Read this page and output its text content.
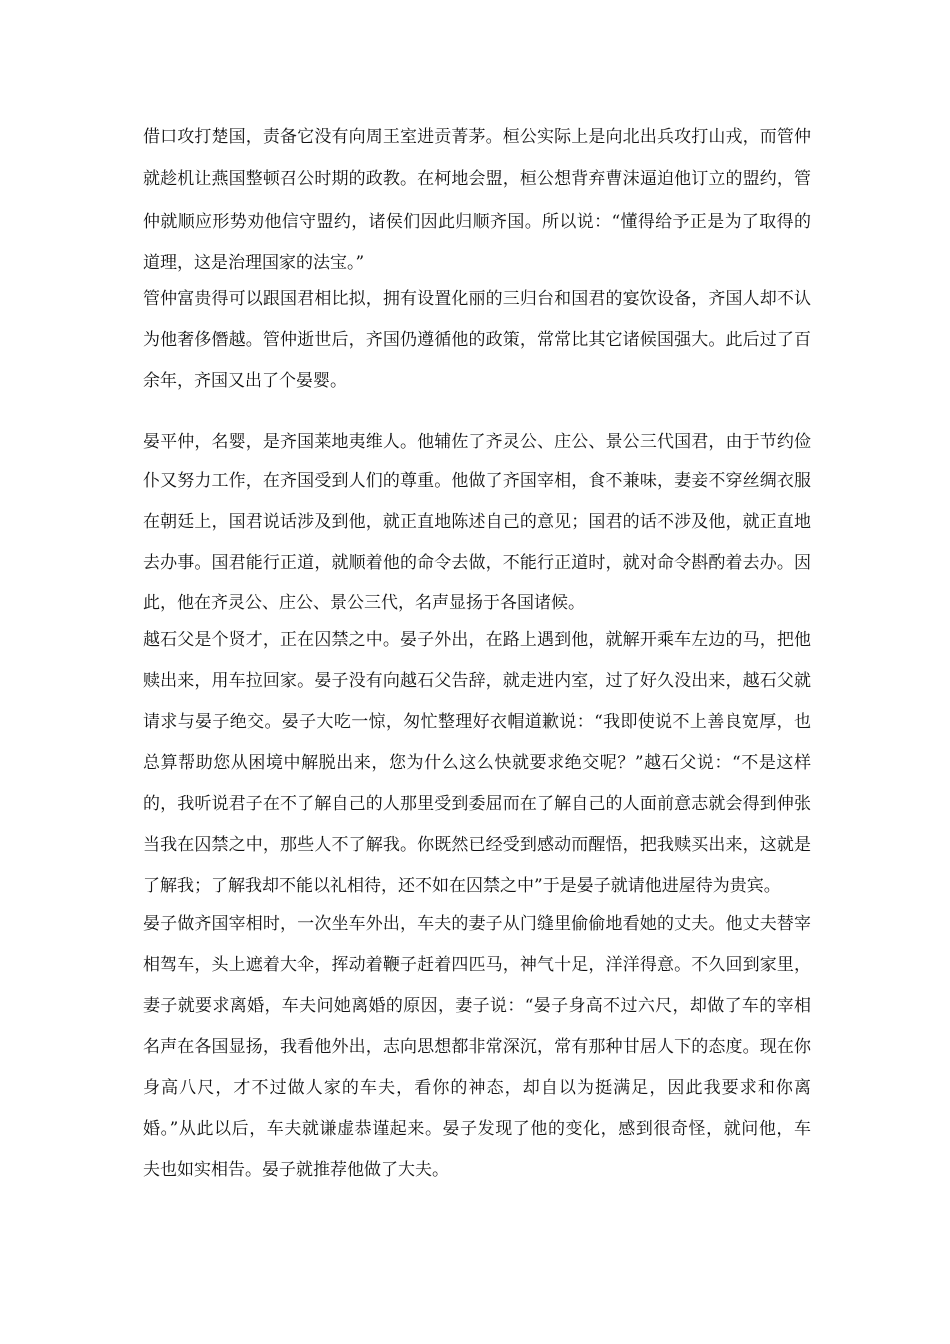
借口攻打楚国，责备它没有向周王室进贡菁茅。桓公实际上是向北出兵攻打山戎，而管仲
就趁机让燕国整顿召公时期的政教。在柯地会盟，桓公想背弃曹沫逼迫他订立的盟约，管
仲就顺应形势劝他信守盟约，诸侯们因此归顺齐国。所以说：“懂得给予正是为了取得的
道理，这是治理国家的法宝。”
管仲富贵得可以跟国君相比拟，拥有设置化丽的三归台和国君的宴饮设备，齐国人却不认
为他奢侈僭越。管仲逝世后，齐国仍遵循他的政策，常常比其它诸候国强大。此后过了百
余年，齐国又出了个晏婴。
晏平仲，名婴，是齐国莱地夷维人。他辅佐了齐灵公、庄公、景公三代国君，由于节约俭
仆又努力工作，在齐国受到人们的尊重。他做了齐国宰相，食不兼味，妻妾不穿丝绸衣服
在朝廷上，国君说话涉及到他，就正直地陈述自己的意见；国君的话不涉及他，就正直地
去办事。国君能行正道，就顺着他的命令去做，不能行正道时，就对命令斟酌着去办。因
此，他在齐灵公、庄公、景公三代，名声显扬于各国诸候。
越石父是个贤才，正在囚禁之中。晏子外出，在路上遇到他，就解开乘车左边的马，把他
赎出来，用车拉回家。晏子没有向越石父告辞，就走进内室，过了好久没出来，越石父就
请求与晏子绝交。晏子大吃一惊，匆忙整理好衣帽道歉说：“我即使说不上善良宽厚，也
总算帮助您从困境中解脱出来，您为什么这么快就要求绝交呢？”越石父说：“不是这样
的，我听说君子在不了解自己的人那里受到委屈而在了解自己的人面前意志就会得到伸张
当我在囚禁之中，那些人不了解我。你既然已经受到感动而醒悟，把我赎买出来，这就是
了解我；了解我却不能以礼相待，还不如在囚禁之中”于是晏子就请他进屋待为贵宾。
晏子做齐国宰相时，一次坐车外出，车夫的妻子从门缝里偷偷地看她的丈夫。他丈夫替宰
相驾车，头上遮着大伞，挥动着鞭子赶着四匹马，神气十足，洋洋得意。不久回到家里，
妻子就要求离婚，车夫问她离婚的原因，妻子说：“晏子身高不过六尺，却做了车的宰相
名声在各国显扬，我看他外出，志向思想都非常深沉，常有那种甘居人下的态度。现在你
身高八尺，才不过做人家的车夫，看你的神态，却自以为挺满足，因此我要求和你离
婚。”从此以后，车夫就谦虚恭谨起来。晏子发现了他的变化，感到很奇怪，就问他，车
夫也如实相告。晏子就推荐他做了大夫。
